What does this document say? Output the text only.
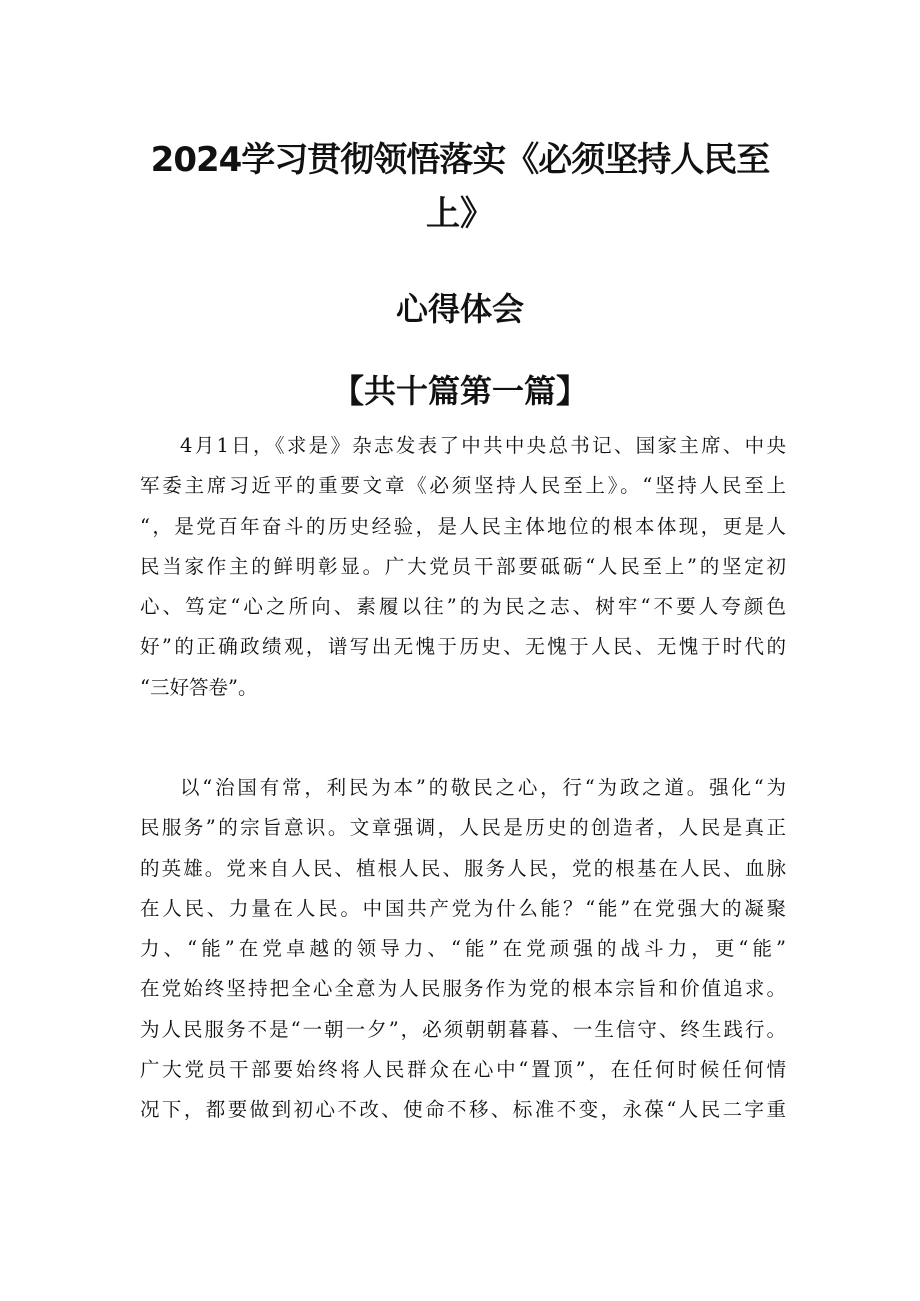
2024学习贯彻领悟落实《必须坚持人民至
上》
心得体会
【共十篇第一篇】
4月1日，《求是》杂志发表了中共中央总书记、国家主席、中央
军委主席习近平的重要文章《必须坚持人民至上》。“坚持人民至上
“，是党百年奋斗的历史经验，是人民主体地位的根本体现，更是人
民当家作主的鲜明彰显。广大党员干部要砥砺“人民至上”的坚定初
心、笃定“心之所向、素履以往”的为民之志、树牢“不要人夸颜色
好”的正确政绩观，谱写出无愧于历史、无愧于人民、无愧于时代的
“三好答卷”。
以“治国有常，利民为本”的敬民之心，行“为政之道。强化“为
民服务”的宗旨意识。文章强调，人民是历史的创造者，人民是真正
的英雄。党来自人民、植根人民、服务人民，党的根基在人民、血脉
在人民、力量在人民。中国共产党为什么能？“能”在党强大的凝聚
力、“能”在党卓越的领导力、“能”在党顽强的战斗力，更“能”
在党始终坚持把全心全意为人民服务作为党的根本宗旨和价值追求。
为人民服务不是“一朝一夕”，必须朝朝暮暮、一生信守、终生践行。
广大党员干部要始终将人民群众在心中“置顶”，在任何时候任何情
况下，都要做到初心不改、使命不移、标准不变，永葆“人民二字重
